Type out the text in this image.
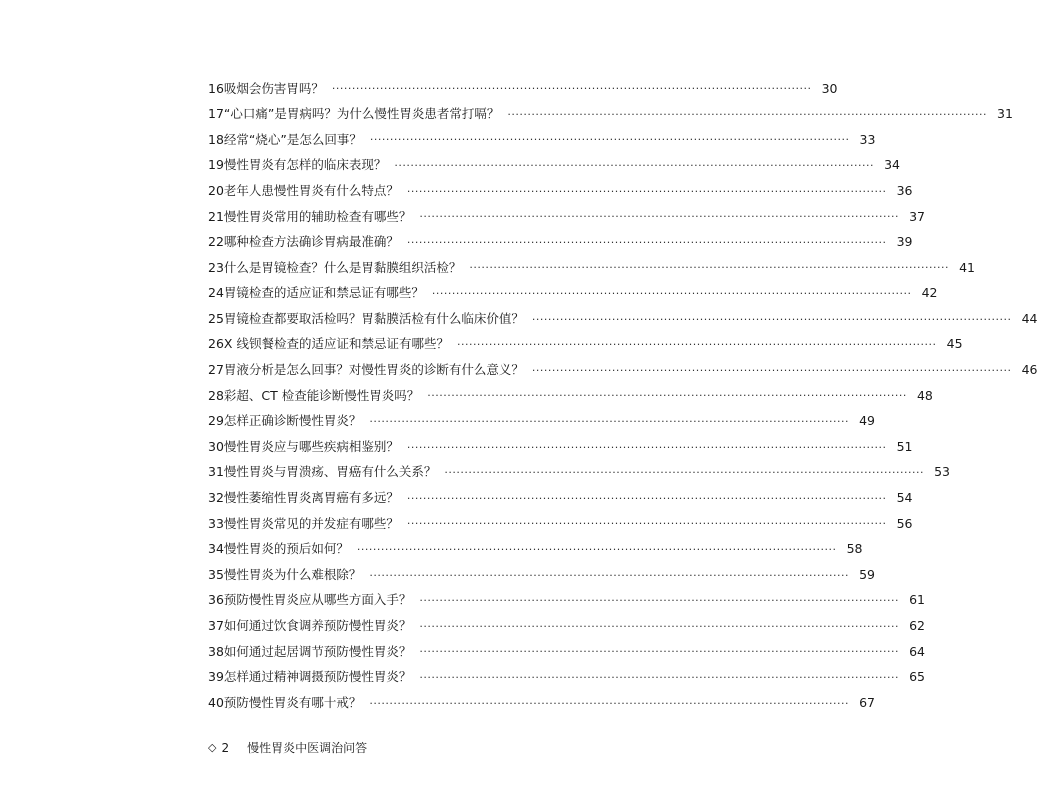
16 吸烟会伤害胃吗？ ························································································································ 30
17 “心口痛”是胃病吗？为什么慢性胃炎患者常打嗝？ ························································································································ 31
18 经常“烧心”是怎么回事？ ························································································································ 33
19 慢性胃炎有怎样的临床表现？ ························································································································ 34
20 老年人患慢性胃炎有什么特点？ ························································································································ 36
21 慢性胃炎常用的辅助检查有哪些？ ························································································································ 37
22 哪种检查方法确诊胃病最准确？ ························································································································ 39
23 什么是胃镜检查？什么是胃黏膜组织活检？ ························································································································ 41
24 胃镜检查的适应证和禁忌证有哪些？ ························································································································ 42
25 胃镜检查都要取活检吗？胃黏膜活检有什么临床价值？ ························································································································ 44
26 X 线钡餐检查的适应证和禁忌证有哪些？ ························································································································ 45
27 胃液分析是怎么回事？对慢性胃炎的诊断有什么意义？ ························································································································ 46
28 彩超、CT 检查能诊断慢性胃炎吗？ ························································································································ 48
29 怎样正确诊断慢性胃炎？ ························································································································ 49
30 慢性胃炎应与哪些疾病相鉴别？ ························································································································ 51
31 慢性胃炎与胃溃疡、胃癌有什么关系？ ························································································································ 53
32 慢性萎缩性胃炎离胃癌有多远？ ························································································································ 54
33 慢性胃炎常见的并发症有哪些？ ························································································································ 56
34 慢性胃炎的预后如何？ ························································································································ 58
35 慢性胃炎为什么难根除？ ························································································································ 59
36 预防慢性胃炎应从哪些方面入手？ ························································································································ 61
37 如何通过饮食调养预防慢性胃炎？ ························································································································ 62
38 如何通过起居调节预防慢性胃炎？ ························································································································ 64
39 怎样通过精神调摄预防慢性胃炎？ ························································································································ 65
40 预防慢性胃炎有哪十戒？ ························································································································ 67
◇ 2 慢性胃炎中医调治问答
